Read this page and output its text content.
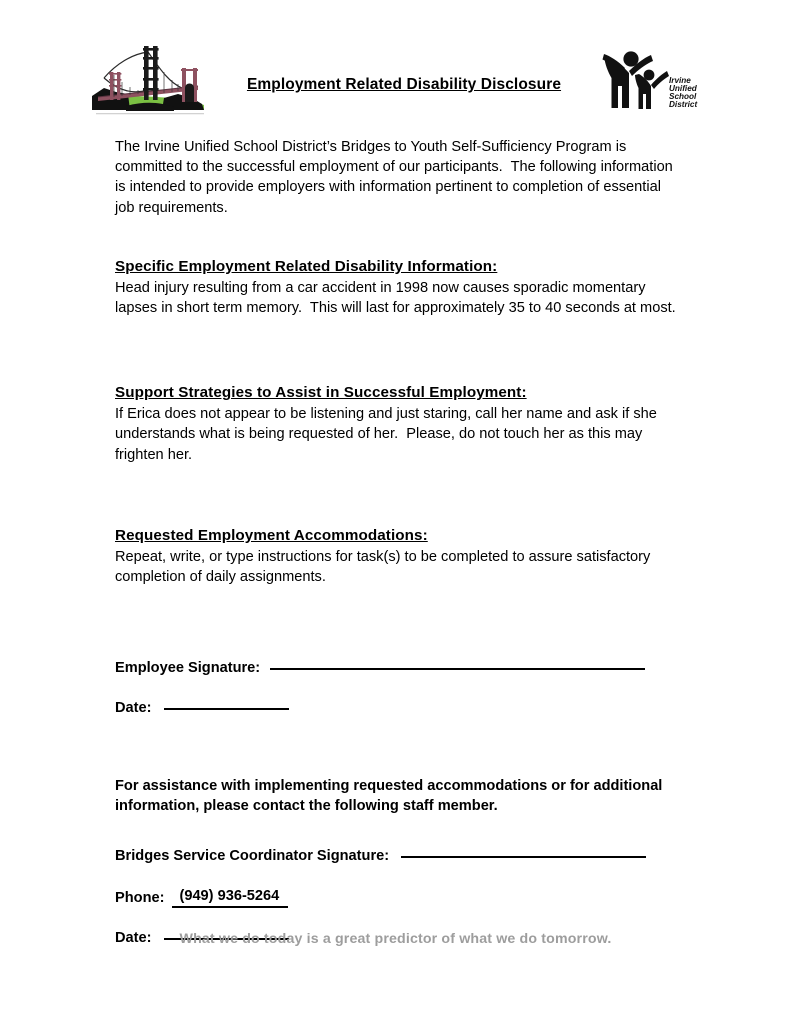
Employment Related Disability Disclosure	Irvine
Unified
School
District

The Irvine Unified School District’s Bridges to Youth Self-Sufficiency Program is committed to the successful employment of our participants.  The following information is intended to provide employers with information pertinent to completion of essential job requirements.

Specific Employment Related Disability Information:

Head injury resulting from a car accident in 1998 now causes sporadic momentary lapses in short term memory.  This will last for approximately 35 to 40 seconds at most.

Support Strategies to Assist in Successful Employment:

If Erica does not appear to be listening and just staring, call her name and ask if she understands what is being requested of her.  Please, do not touch her as this may frighten her.

Requested Employment Accommodations:

Repeat, write, or type instructions for task(s) to be completed to assure satisfactory completion of daily assignments.

Employee Signature:
Date:
For assistance with implementing requested accommodations or for additional information, please contact the following staff member.
Bridges Service Coordinator Signature:
Phone: (949) 936-5264
Date:	What we do today is a great predictor of what we do tomorrow.
